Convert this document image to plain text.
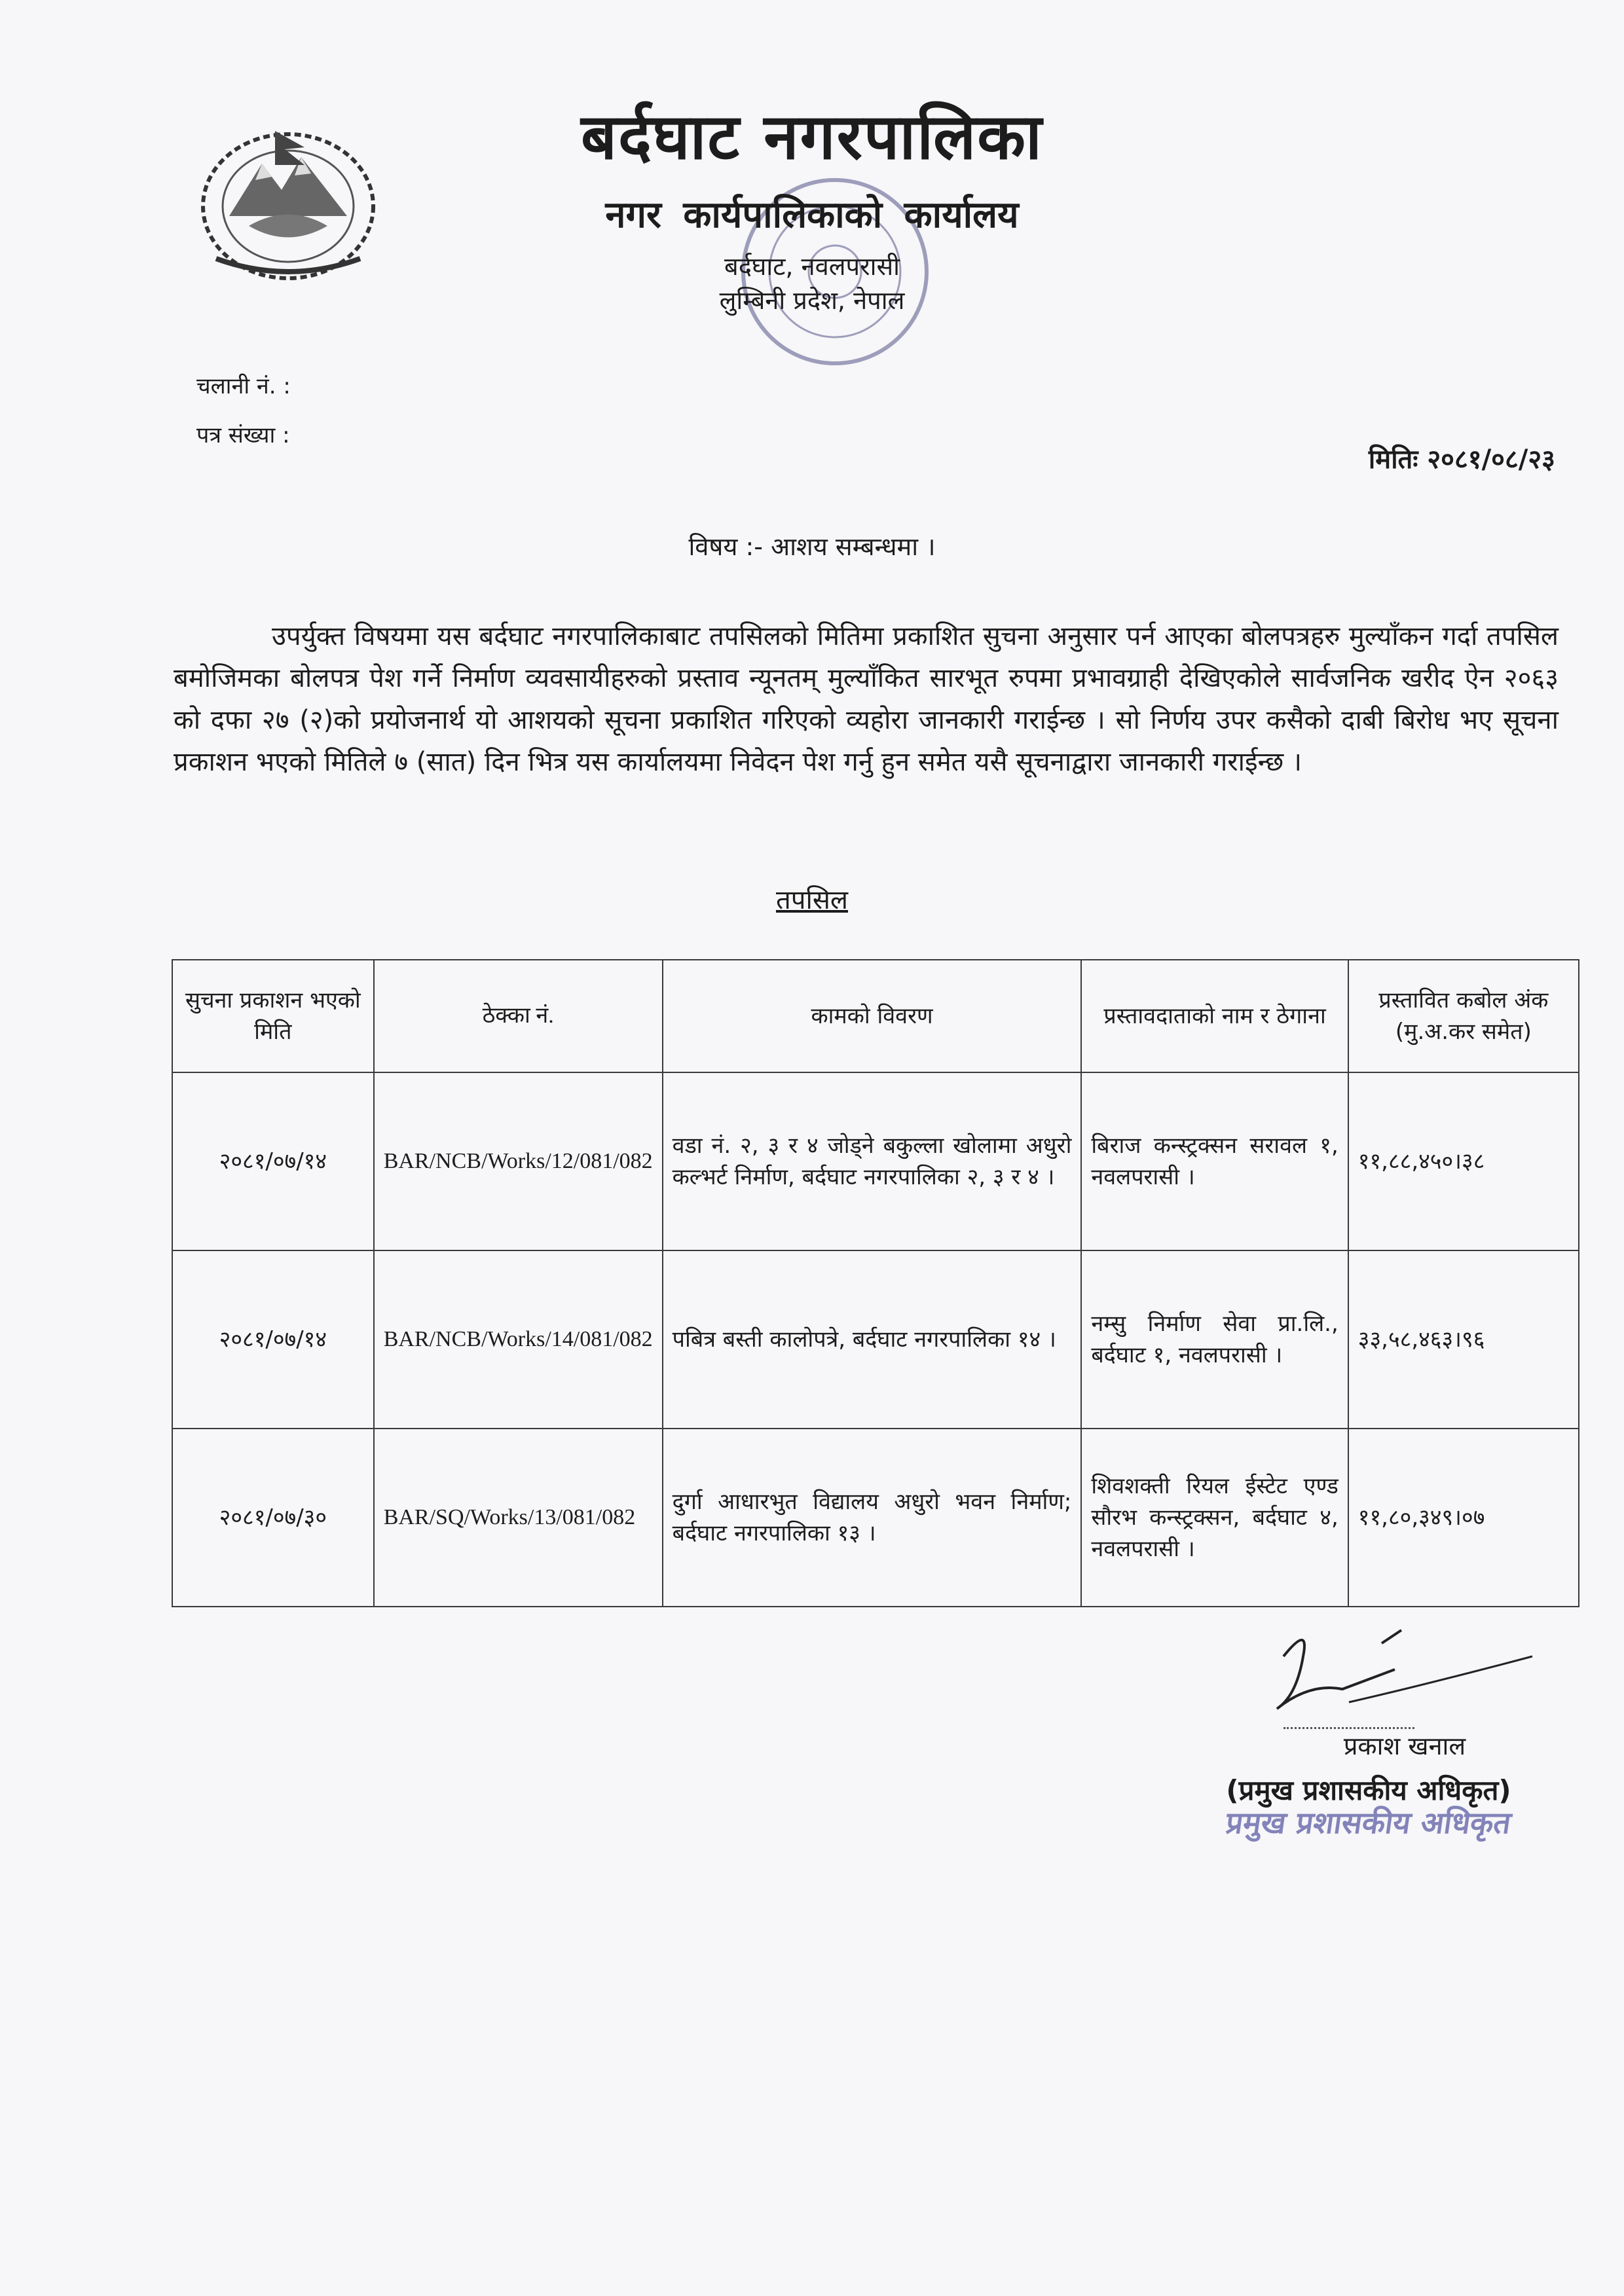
बर्दघाट नगरपालिका
नगर कार्यपालिकाको कार्यालय
बर्दघाट, नवलपरासी
लुम्बिनी प्रदेश, नेपाल
चलानी नं. :
पत्र संख्या :
मितिः २०८१/०८/२३
विषय :- आशय सम्बन्धमा ।
उपर्युक्त विषयमा यस बर्दघाट नगरपालिकाबाट तपसिलको मितिमा प्रकाशित सुचना अनुसार पर्न आएका बोलपत्रहरु मुल्याँकन गर्दा तपसिल बमोजिमका बोलपत्र पेश गर्ने निर्माण व्यवसायीहरुको प्रस्ताव न्यूनतम् मुल्याँकित सारभूत रुपमा प्रभावग्राही देखिएकोले सार्वजनिक खरीद ऐन २०६३ को दफा २७ (२)को प्रयोजनार्थ यो आशयको सूचना प्रकाशित गरिएको व्यहोरा जानकारी गराईन्छ । सो निर्णय उपर कसैको दाबी बिरोध भए सूचना प्रकाशन भएको मितिले ७ (सात) दिन भित्र यस कार्यालयमा निवेदन पेश गर्नु हुन समेत यसै सूचनाद्वारा जानकारी गराईन्छ ।
तपसिल
सुचना प्रकाशन भएको मिति	ठेक्का नं.	कामको विवरण	प्रस्तावदाताको नाम र ठेगाना	प्रस्तावित कबोल अंक (मु.अ.कर समेत)
२०८१/०७/१४	BAR/NCB/Works/12/081/082	वडा नं. २, ३ र ४ जोड्ने बकुल्ला खोलामा अधुरो कल्भर्ट निर्माण, बर्दघाट नगरपालिका २, ३ र ४ ।	बिराज कन्स्ट्रक्सन सरावल १, नवलपरासी ।	११,८८,४५०।३८
२०८१/०७/१४	BAR/NCB/Works/14/081/082	पबित्र बस्ती कालोपत्रे, बर्दघाट नगरपालिका १४ ।	नम्सु निर्माण सेवा प्रा.लि., बर्दघाट १, नवलपरासी ।	३३,५८,४६३।९६
२०८१/०७/३०	BAR/SQ/Works/13/081/082	दुर्गा आधारभुत विद्यालय अधुरो भवन निर्माण; बर्दघाट नगरपालिका १३ ।	शिवशक्ती रियल ईस्टेट एण्ड सौरभ कन्स्ट्रक्सन, बर्दघाट ४, नवलपरासी ।	११,८०,३४९।०७
प्रकाश खनाल
(प्रमुख प्रशासकीय अधिकृत)
प्रमुख प्रशासकीय अधिकृत
